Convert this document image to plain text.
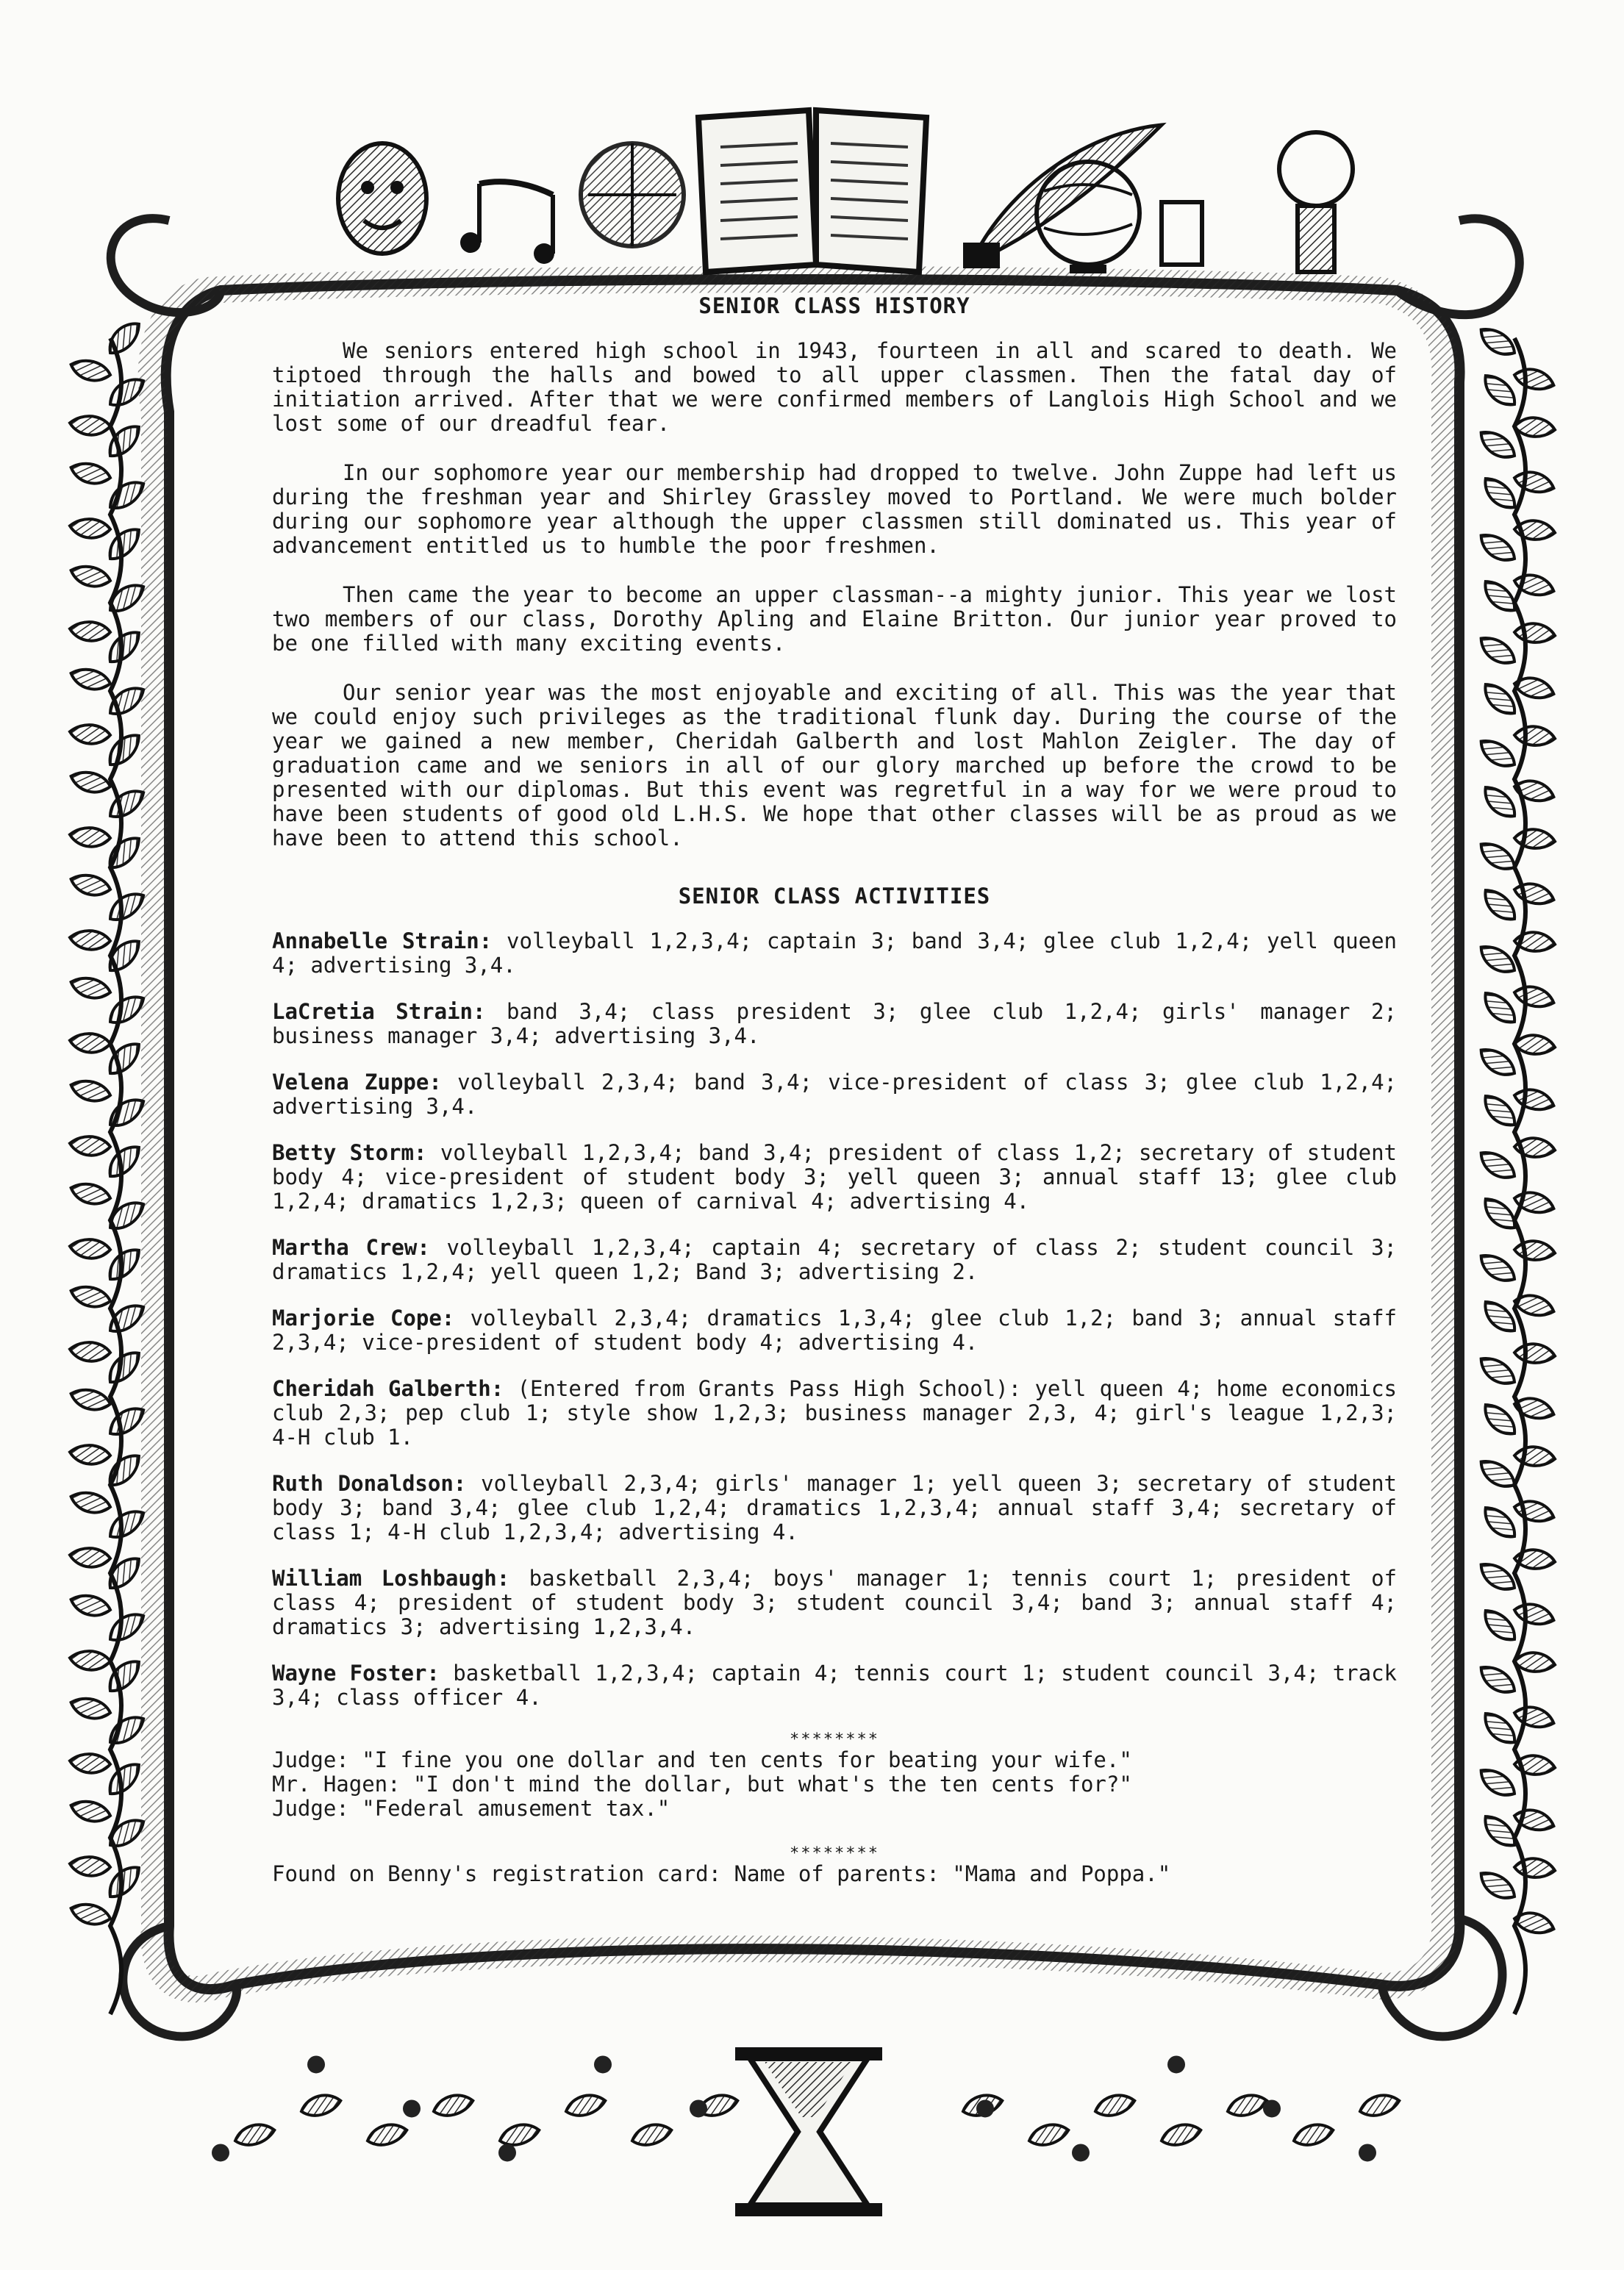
SENIOR CLASS HISTORY
We seniors entered high school in 1943, fourteen in all and scared to death. We tiptoed through the halls and bowed to all upper classmen. Then the fatal day of initiation arrived. After that we were confirmed members of Langlois High School and we lost some of our dreadful fear.
In our sophomore year our membership had dropped to twelve. John Zuppe had left us during the freshman year and Shirley Grassley moved to Portland. We were much bolder during our sophomore year although the upper classmen still dominated us. This year of advancement entitled us to humble the poor freshmen.
Then came the year to become an upper classman--a mighty junior. This year we lost two members of our class, Dorothy Apling and Elaine Britton. Our junior year proved to be one filled with many exciting events.
Our senior year was the most enjoyable and exciting of all. This was the year that we could enjoy such privileges as the traditional flunk day. During the course of the year we gained a new member, Cheridah Galberth and lost Mahlon Zeigler. The day of graduation came and we seniors in all of our glory marched up before the crowd to be presented with our diplomas. But this event was regretful in a way for we were proud to have been students of good old L.H.S. We hope that other classes will be as proud as we have been to attend this school.
SENIOR CLASS ACTIVITIES
Annabelle Strain: volleyball 1,2,3,4; captain 3; band 3,4; glee club 1,2,4; yell queen 4; advertising 3,4.
LaCretia Strain: band 3,4; class president 3; glee club 1,2,4; girls' manager 2; business manager 3,4; advertising 3,4.
Velena Zuppe: volleyball 2,3,4; band 3,4; vice-president of class 3; glee club 1,2,4; advertising 3,4.
Betty Storm: volleyball 1,2,3,4; band 3,4; president of class 1,2; secretary of student body 4; vice-president of student body 3; yell queen 3; annual staff 13; glee club 1,2,4; dramatics 1,2,3; queen of carnival 4; advertising 4.
Martha Crew: volleyball 1,2,3,4; captain 4; secretary of class 2; student council 3; dramatics 1,2,4; yell queen 1,2; Band 3; advertising 2.
Marjorie Cope: volleyball 2,3,4; dramatics 1,3,4; glee club 1,2; band 3; annual staff 2,3,4; vice-president of student body 4; advertising 4.
Cheridah Galberth: (Entered from Grants Pass High School): yell queen 4; home economics club 2,3; pep club 1; style show 1,2,3; business manager 2,3, 4; girl's league 1,2,3; 4-H club 1.
Ruth Donaldson: volleyball 2,3,4; girls' manager 1; yell queen 3; secretary of student body 3; band 3,4; glee club 1,2,4; dramatics 1,2,3,4; annual staff 3,4; secretary of class 1; 4-H club 1,2,3,4; advertising 4.
William Loshbaugh: basketball 2,3,4; boys' manager 1; tennis court 1; president of class 4; president of student body 3; student council 3,4; band 3; annual staff 4; dramatics 3; advertising 1,2,3,4.
Wayne Foster: basketball 1,2,3,4; captain 4; tennis court 1; student council 3,4; track 3,4; class officer 4.
********
Judge: "I fine you one dollar and ten cents for beating your wife."
Mr. Hagen: "I don't mind the dollar, but what's the ten cents for?"
Judge: "Federal amusement tax."
********
Found on Benny's registration card: Name of parents: "Mama and Poppa."
